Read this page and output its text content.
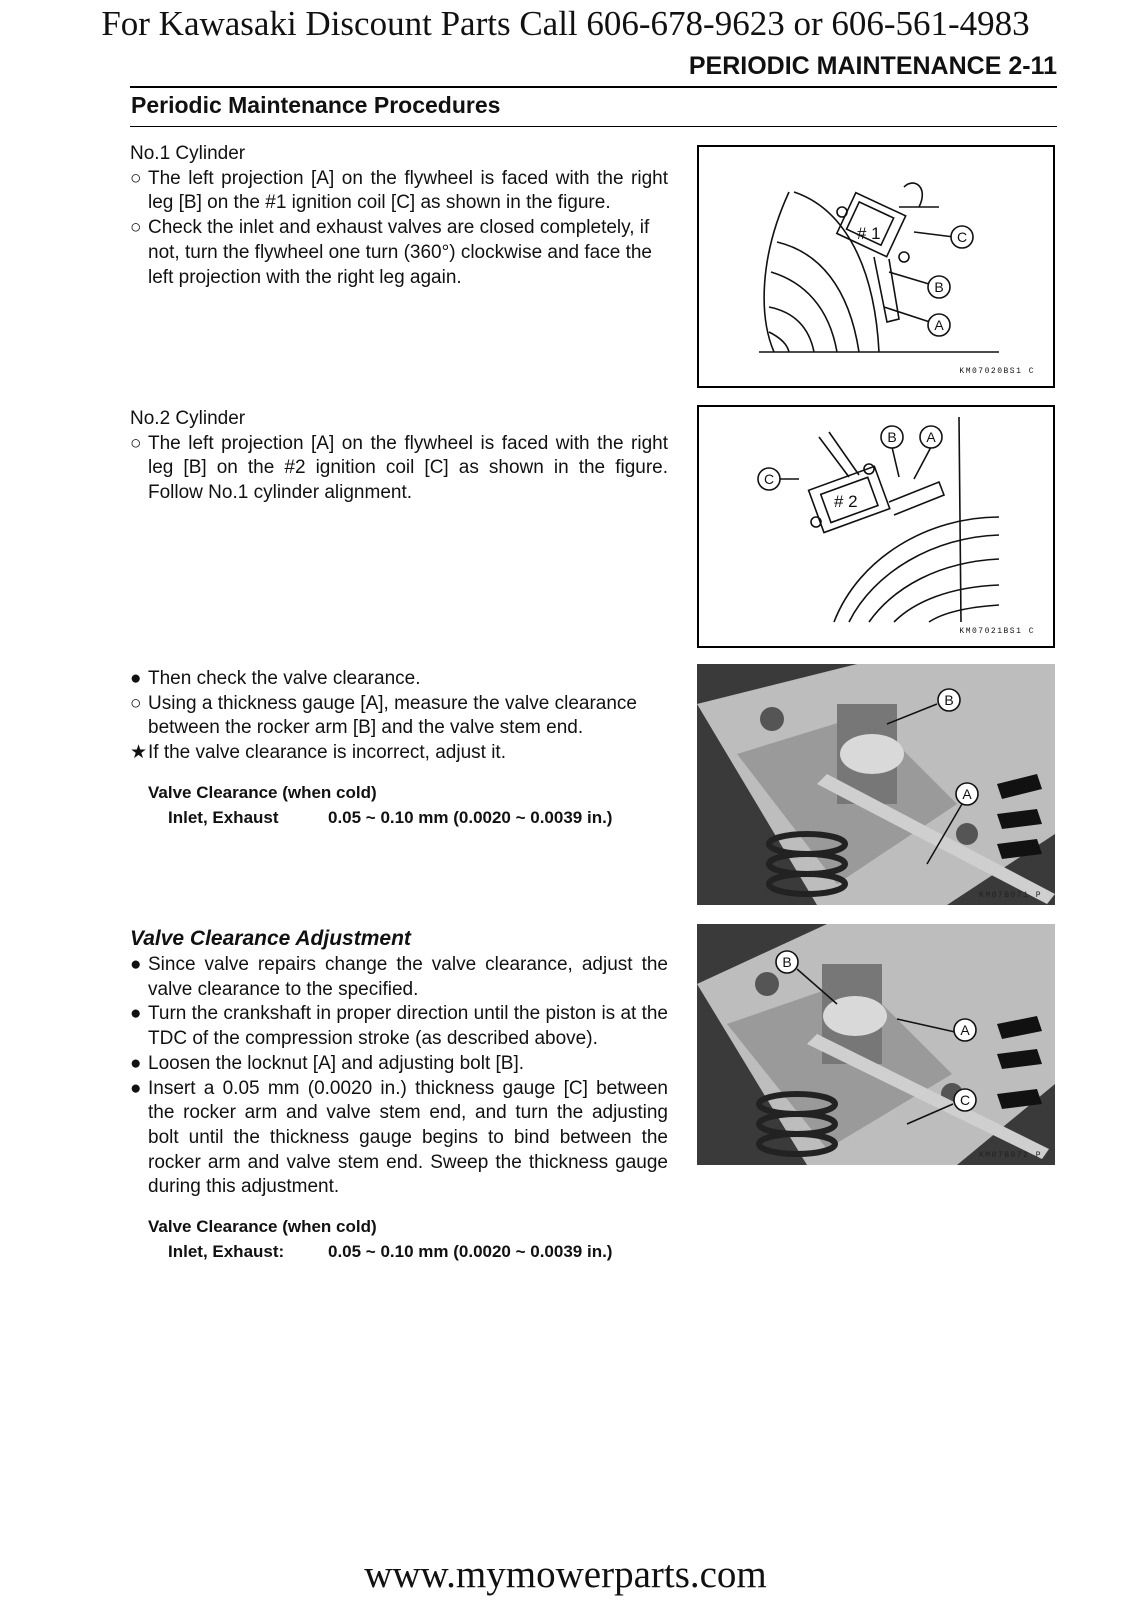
For Kawasaki Discount Parts Call 606-678-9623 or 606-561-4983
PERIODIC MAINTENANCE 2-11
Periodic Maintenance Procedures
No.1 Cylinder
○ The left projection [A] on the flywheel is faced with the right leg [B] on the #1 ignition coil [C] as shown in the figure.
○ Check the inlet and exhaust valves are closed completely, if not, turn the flywheel one turn (360°) clockwise and face the left projection with the right leg again.
# 1	C
B
A
KM07020BS1 C
No.2 Cylinder
○ The left projection [A] on the flywheel is faced with the right leg [B] on the #2 ignition coil [C] as shown in the figure. Follow No.1 cylinder alignment.	# 2
B A
C
KM07021BS1 C
● Then check the valve clearance.
○ Using a thickness gauge [A], measure the valve clearance between the rocker arm [B] and the valve stem end.
★ If the valve clearance is incorrect, adjust it.
Valve Clearance (when cold)
Inlet, Exhaust	0.05 ~ 0.10 mm (0.0020 ~ 0.0039 in.)
B
A
KM07B071 P
Valve Clearance Adjustment
● Since valve repairs change the valve clearance, adjust the valve clearance to the specified.
● Turn the crankshaft in proper direction until the piston is at the TDC of the compression stroke (as described above).
● Loosen the locknut [A] and adjusting bolt [B].
● Insert a 0.05 mm (0.0020 in.) thickness gauge [C] between the rocker arm and valve stem end, and turn the adjusting bolt until the thickness gauge begins to bind between the rocker arm and valve stem end. Sweep the thickness gauge during this adjustment.
Valve Clearance (when cold)
Inlet, Exhaust:	0.05 ~ 0.10 mm (0.0020 ~ 0.0039 in.)
B
A
C
KM07B072 P
www.mymowerparts.com
